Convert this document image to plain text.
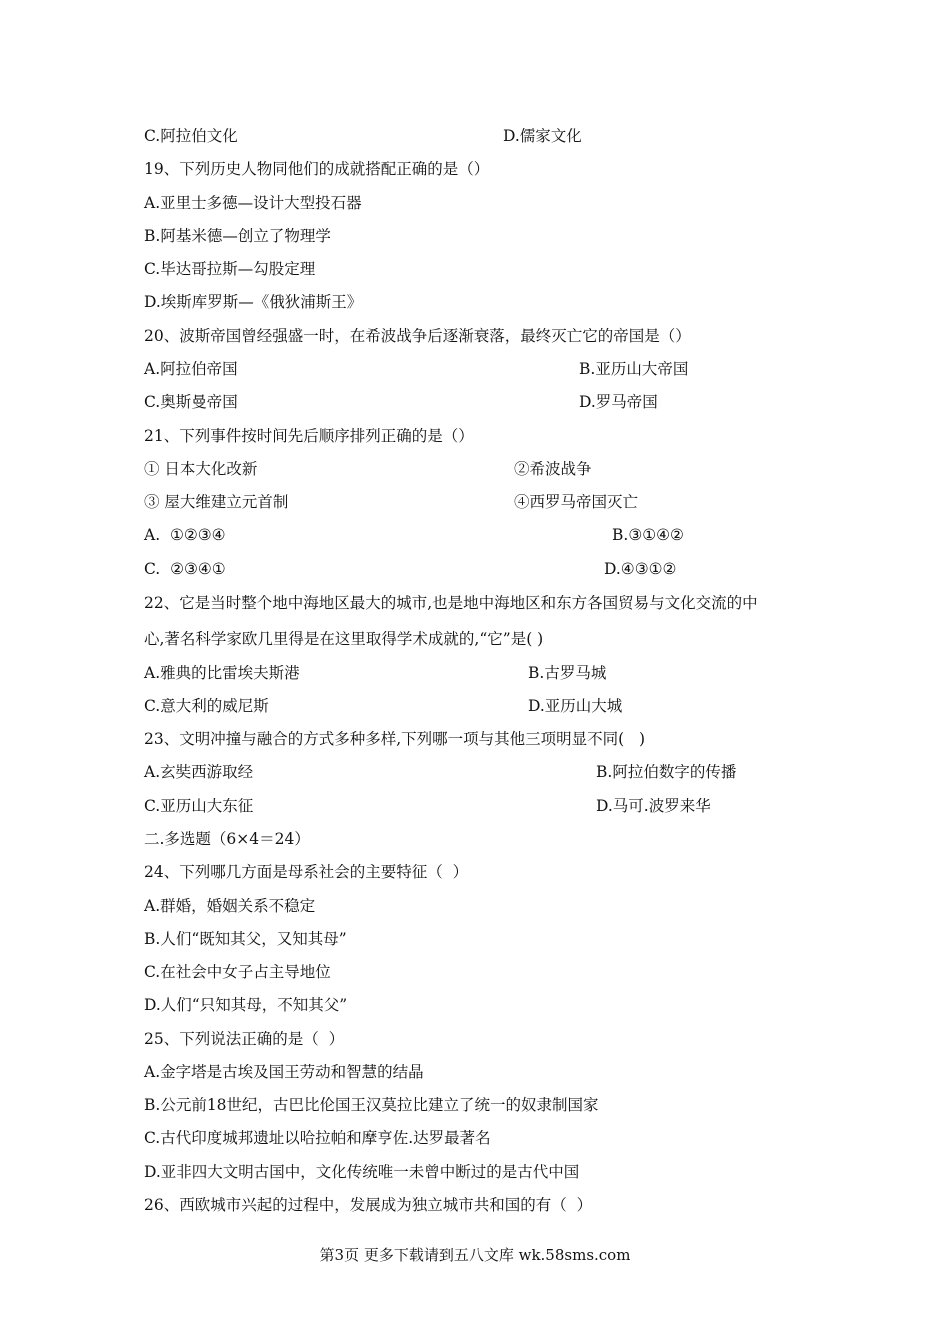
C.阿拉伯文化	D.儒家文化
19、下列历史人物同他们的成就搭配正确的是（）
A.亚里士多德—设计大型投石器
B.阿基米德—创立了物理学
C.毕达哥拉斯—勾股定理
D.埃斯库罗斯—《俄狄浦斯王》
20、波斯帝国曾经强盛一时，在希波战争后逐渐衰落，最终灭亡它的帝国是（）
A.阿拉伯帝国	B.亚历山大帝国
C.奥斯曼帝国	D.罗马帝国
21、下列事件按时间先后顺序排列正确的是（）
① 日本大化改新	②希波战争
③ 屋大维建立元首制	④西罗马帝国灭亡
A.  ①②③④	B.③①④②
C.  ②③④①	D.④③①②
22、它是当时整个地中海地区最大的城市,也是地中海地区和东方各国贸易与文化交流的中
心,著名科学家欧几里得是在这里取得学术成就的,“它”是( )
A.雅典的比雷埃夫斯港	B.古罗马城
C.意大利的威尼斯	D.亚历山大城
23、文明冲撞与融合的方式多种多样,下列哪一项与其他三项明显不同(   )
A.玄奘西游取经	B.阿拉伯数字的传播
C.亚历山大东征	D.马可.波罗来华
二.多选题（6×4＝24）
24、下列哪几方面是母系社会的主要特征（  ）
A.群婚，婚姻关系不稳定
B.人们“既知其父，又知其母”
C.在社会中女子占主导地位
D.人们“只知其母，不知其父”
25、下列说法正确的是（  ）
A.金字塔是古埃及国王劳动和智慧的结晶
B.公元前18世纪，古巴比伦国王汉莫拉比建立了统一的奴隶制国家
C.古代印度城邦遗址以哈拉帕和摩亨佐.达罗最著名
D.亚非四大文明古国中，文化传统唯一未曾中断过的是古代中国
26、西欧城市兴起的过程中，发展成为独立城市共和国的有（  ）
第3页 更多下载请到五八文库 wk.58sms.com
